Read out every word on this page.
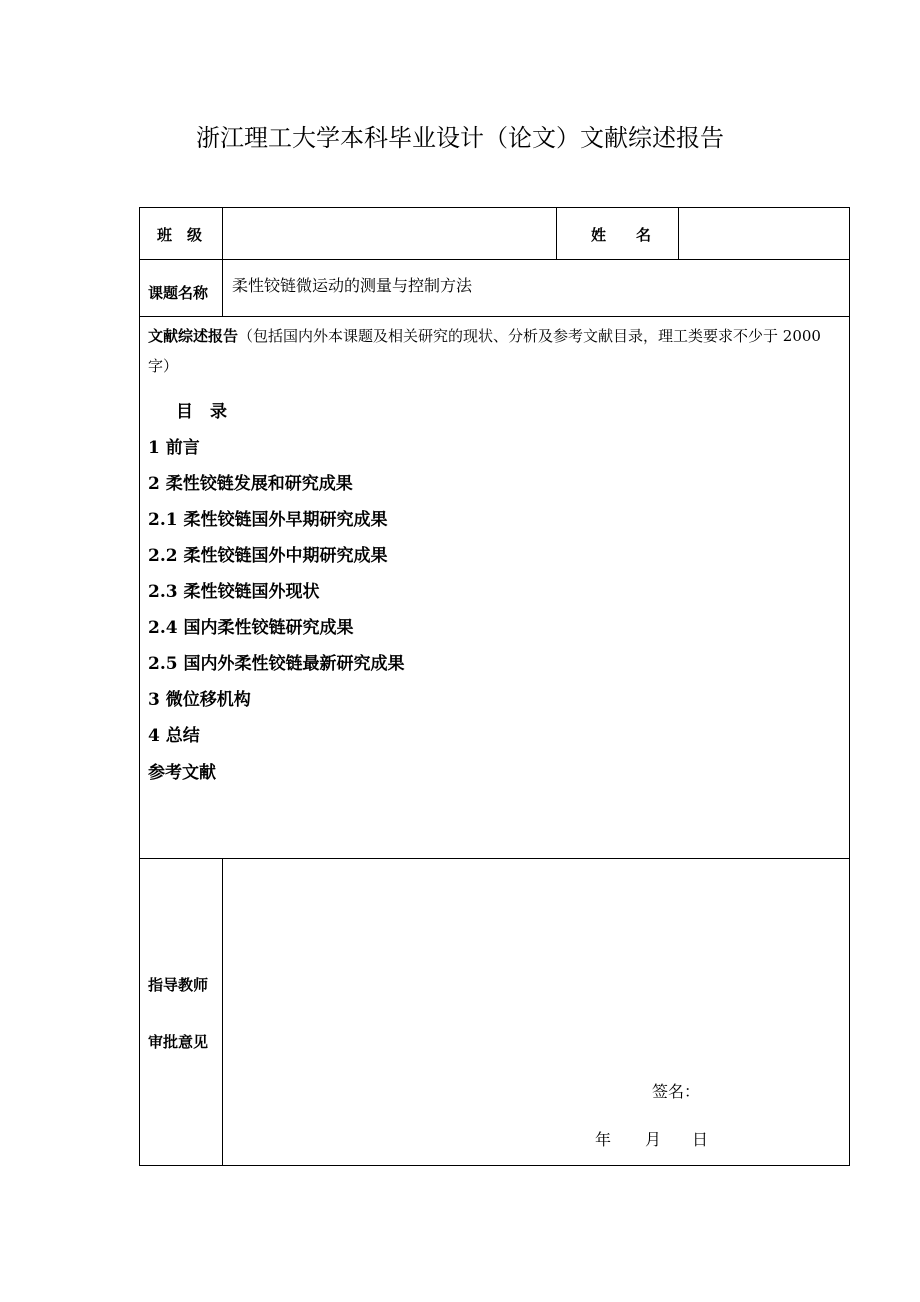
浙江理工大学本科毕业设计（论文）文献综述报告
班　级	姓　　名
课题名称 柔性铰链微运动的测量与控制方法
文献综述报告（包括国内外本课题及相关研究的现状、分析及参考文献目录，理工类要求不少于 2000
字）
目　录
1 前言
2 柔性铰链发展和研究成果
2.1 柔性铰链国外早期研究成果
2.2 柔性铰链国外中期研究成果
2.3 柔性铰链国外现状
2.4 国内柔性铰链研究成果
2.5 国内外柔性铰链最新研究成果
3 微位移机构
4 总结
参考文献
指导教师
审批意见
签名：
年 月 日
